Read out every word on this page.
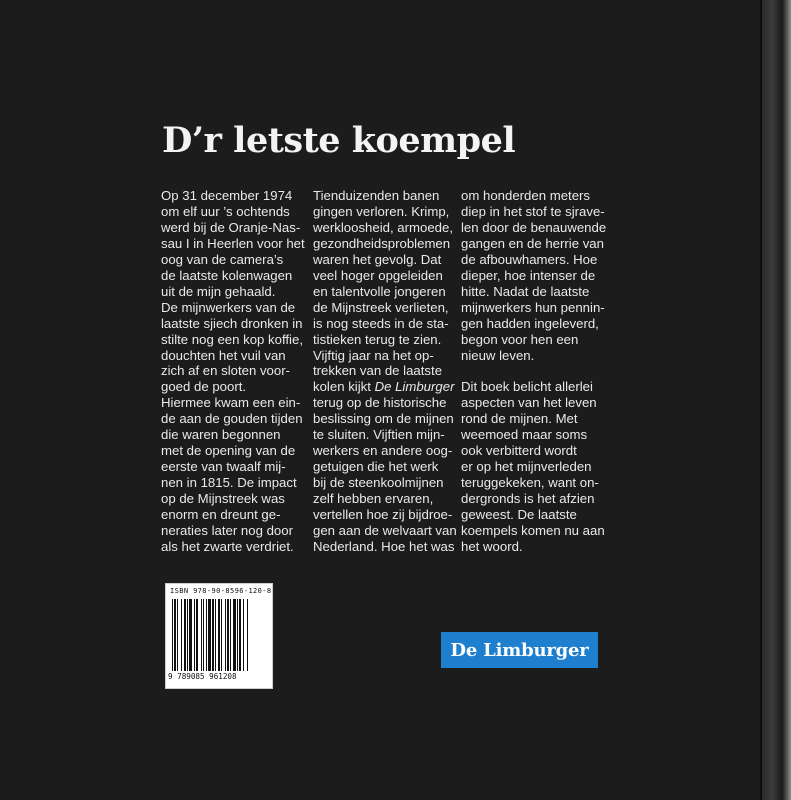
D’r letste koempel
Op 31 december 1974
om elf uur ’s ochtends
werd bij de Oranje-Nas-
sau I in Heerlen voor het
oog van de camera’s
de laatste kolenwagen
uit de mijn gehaald.
De mijnwerkers van de
laatste sjiech dronken in
stilte nog een kop koffie,
douchten het vuil van
zich af en sloten voor-
goed de poort.
Hiermee kwam een ein-
de aan de gouden tijden
die waren begonnen
met de opening van de
eerste van twaalf mij-
nen in 1815. De impact
op de Mijnstreek was
enorm en dreunt ge-
neraties later nog door
als het zwarte verdriet.
Tienduizenden banen
gingen verloren. Krimp,
werkloosheid, armoede,
gezondheidsproblemen
waren het gevolg. Dat
veel hoger opgeleiden
en talentvolle jongeren
de Mijnstreek verlieten,
is nog steeds in de sta-
tistieken terug te zien.
Vijftig jaar na het op-
trekken van de laatste
kolen kijkt De Limburger
terug op de historische
beslissing om de mijnen
te sluiten. Vijftien mijn-
werkers en andere oog-
getuigen die het werk
bij de steenkoolmijnen
zelf hebben ervaren,
vertellen hoe zij bijdroe-
gen aan de welvaart van
Nederland. Hoe het was
om honderden meters
diep in het stof te sjrave-
len door de benauwende
gangen en de herrie van
de afbouwhamers. Hoe
dieper, hoe intenser de
hitte. Nadat de laatste
mijnwerkers hun pennin-
gen hadden ingeleverd,
begon voor hen een
nieuw leven.
Dit boek belicht allerlei
aspecten van het leven
rond de mijnen. Met
weemoed maar soms
ook verbitterd wordt
er op het mijnverleden
teruggekeken, want on-
dergronds is het afzien
geweest. De laatste
koempels komen nu aan
het woord.
ISBN 978-90-8596-120-8
9 789085 961208
De Limburger
